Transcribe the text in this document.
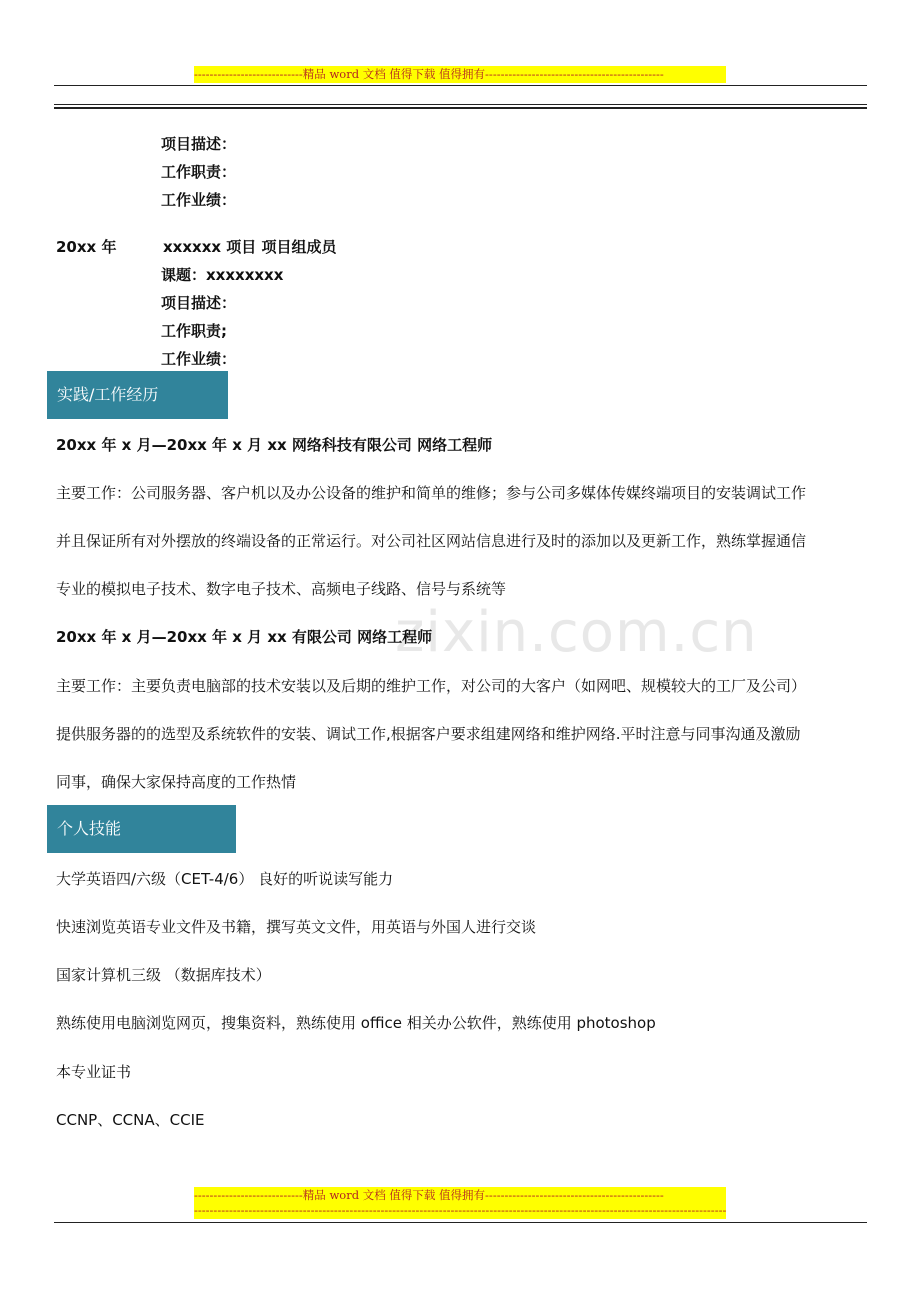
----------------------------精品 word 文档 值得下载 值得拥有----------------------------------------------
zixin.com.cn
项目描述：
工作职责：
工作业绩：
20xx 年	xxxxxx 项目 项目组成员
课题：xxxxxxxx
项目描述：
工作职责;
工作业绩：
实践/工作经历
20xx 年 x 月—20xx 年 x 月 xx 网络科技有限公司 网络工程师
主要工作：公司服务器、客户机以及办公设备的维护和简单的维修；参与公司多媒体传媒终端项目的安装调试工作
并且保证所有对外摆放的终端设备的正常运行。对公司社区网站信息进行及时的添加以及更新工作，熟练掌握通信
专业的模拟电子技术、数字电子技术、高频电子线路、信号与系统等
20xx 年 x 月—20xx 年 x 月 xx 有限公司 网络工程师
主要工作：主要负责电脑部的技术安装以及后期的维护工作，对公司的大客户（如网吧、规模较大的工厂及公司）
提供服务器的的选型及系统软件的安装、调试工作,根据客户要求组建网络和维护网络.平时注意与同事沟通及激励
同事，确保大家保持高度的工作热情
个人技能
大学英语四/六级（CET-4/6） 良好的听说读写能力
快速浏览英语专业文件及书籍，撰写英文文件，用英语与外国人进行交谈
国家计算机三级 （数据库技术）
熟练使用电脑浏览网页，搜集资料，熟练使用 office 相关办公软件，熟练使用 photoshop
本专业证书
CCNP、CCNA、CCIE
----------------------------精品 word 文档 值得下载 值得拥有----------------------------------------------
-----------------------------------------------------------------------------------------------------------------------------------------
